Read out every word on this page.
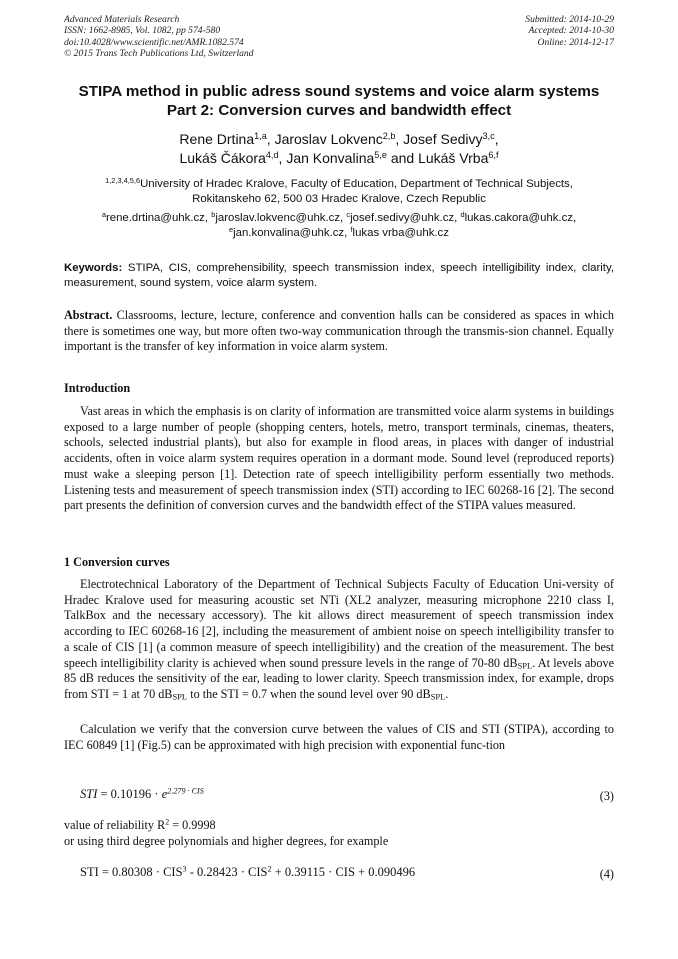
Advanced Materials Research
ISSN: 1662-8985, Vol. 1082, pp 574-580
doi:10.4028/www.scientific.net/AMR.1082.574
© 2015 Trans Tech Publications Ltd, Switzerland
Submitted: 2014-10-29
Accepted: 2014-10-30
Online: 2014-12-17
STIPA method in public adress sound systems and voice alarm systems
Part 2: Conversion curves and bandwidth effect
Rene Drtina$^{1,a}$, Jaroslav Lokvenc$^{2,b}$, Josef Sedivy$^{3,c}$,
Lukáš Čákora$^{4,d}$, Jan Konvalina$^{5,e}$ and Lukáš Vrba$^{6,f}$
$^{1,2,3,4,5,6}$University of Hradec Kralove, Faculty of Education, Department of Technical Subjects,
Rokitanskeho 62, 500 03 Hradec Kralove, Czech Republic
$^a$rene.drtina@uhk.cz, $^b$jaroslav.lokvenc@uhk.cz, $^c$josef.sedivy@uhk.cz, $^d$lukas.cakora@uhk.cz,
$^e$jan.konvalina@uhk.cz, $^f$lukas vrba@uhk.cz
Keywords: STIPA, CIS, comprehensibility, speech transmission index, speech intelligibility index, clarity, measurement, sound system, voice alarm system.
Abstract. Classrooms, lecture, lecture, conference and convention halls can be considered as spaces in which there is sometimes one way, but more often two-way communication through the transmis-sion channel. Equally important is the transfer of key information in voice alarm system.
Introduction
Vast areas in which the emphasis is on clarity of information are transmitted voice alarm systems in buildings exposed to a large number of people (shopping centers, hotels, metro, transport terminals, cinemas, theaters, schools, selected industrial plants), but also for example in flood areas, in places with danger of industrial accidents, often in voice alarm system requires operation in a dormant mode. Sound level (reproduced reports) must wake a sleeping person [1]. Detection rate of speech intelligibility perform essentially two methods. Listening tests and measurement of speech transmission index (STI) according to IEC 60268-16 [2]. The second part presents the definition of conversion curves and the bandwidth effect of the STIPA values measured.
1 Conversion curves
Electrotechnical Laboratory of the Department of Technical Subjects Faculty of Education Uni-versity of Hradec Kralove used for measuring acoustic set NTi (XL2 analyzer, measuring microphone 2210 class I, TalkBox and the necessary accessory). The kit allows direct measurement of speech transmission index according to IEC 60268-16 [2], including the measurement of ambient noise on speech intelligibility transfer to a scale of CIS [1] (a common measure of speech intelligibility) and the creation of the measurement. The best speech intelligibility clarity is achieved when sound pressure levels in the range of 70-80 $dB_{SPL}$. At levels above 85 dB reduces the sensitivity of the ear, leading to lower clarity. Speech transmission index, for example, drops from STI = 1 at 70 $dB_{SPL}$ to the STI = 0.7 when the sound level over 90 $dB_{SPL}$.
Calculation we verify that the conversion curve between the values of CIS and STI (STIPA), according to IEC 60849 [1] (Fig.5) can be approximated with high precision with exponential func-tion
STI = $0.10196 \cdot e^{2.279 \cdot CIS}$	(3)
value of reliability $R^2 = 0.9998$
or using third degree polynomials and higher degrees, for example
STI = $0.80308 \cdot CIS^3 - 0.28423 \cdot CIS^2 + 0.39115$ · CIS + 0.090496	(4)
